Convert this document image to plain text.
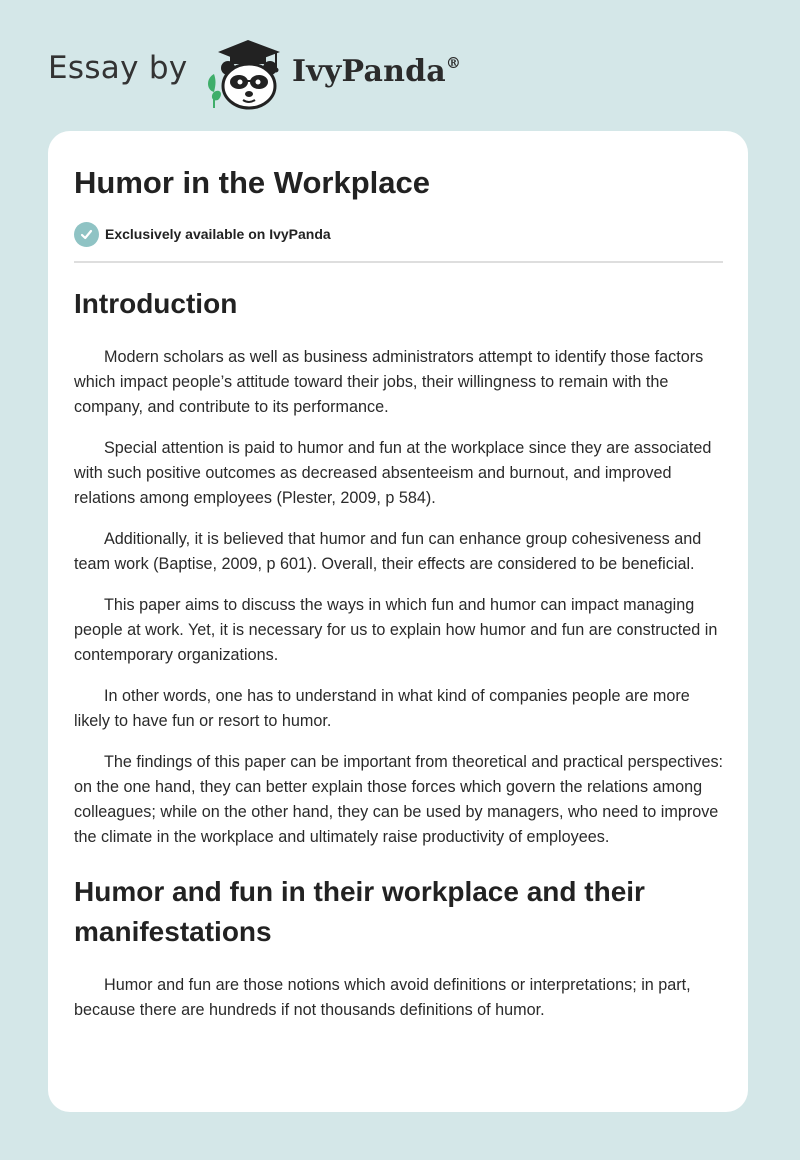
Essay by	IvyPanda®
Humor in the Workplace
Exclusively available on IvyPanda
Introduction

Modern scholars as well as business administrators attempt to identify those factors which impact people’s attitude toward their jobs, their willingness to remain with the company, and contribute to its performance.

Special attention is paid to humor and fun at the workplace since they are associated with such positive outcomes as decreased absenteeism and burnout, and improved relations among employees (Plester, 2009, p 584).

Additionally, it is believed that humor and fun can enhance group cohesiveness and team work (Baptise, 2009, p 601). Overall, their effects are considered to be beneficial.

This paper aims to discuss the ways in which fun and humor can impact managing people at work. Yet, it is necessary for us to explain how humor and fun are constructed in contemporary organizations.

In other words, one has to understand in what kind of companies people are more likely to have fun or resort to humor.

The findings of this paper can be important from theoretical and practical perspectives: on the one hand, they can better explain those forces which govern the relations among colleagues; while on the other hand, they can be used by managers, who need to improve the climate in the workplace and ultimately raise productivity of employees.

Humor and fun in their workplace and their manifestations

Humor and fun are those notions which avoid definitions or interpretations; in part, because there are hundreds if not thousands definitions of humor.
